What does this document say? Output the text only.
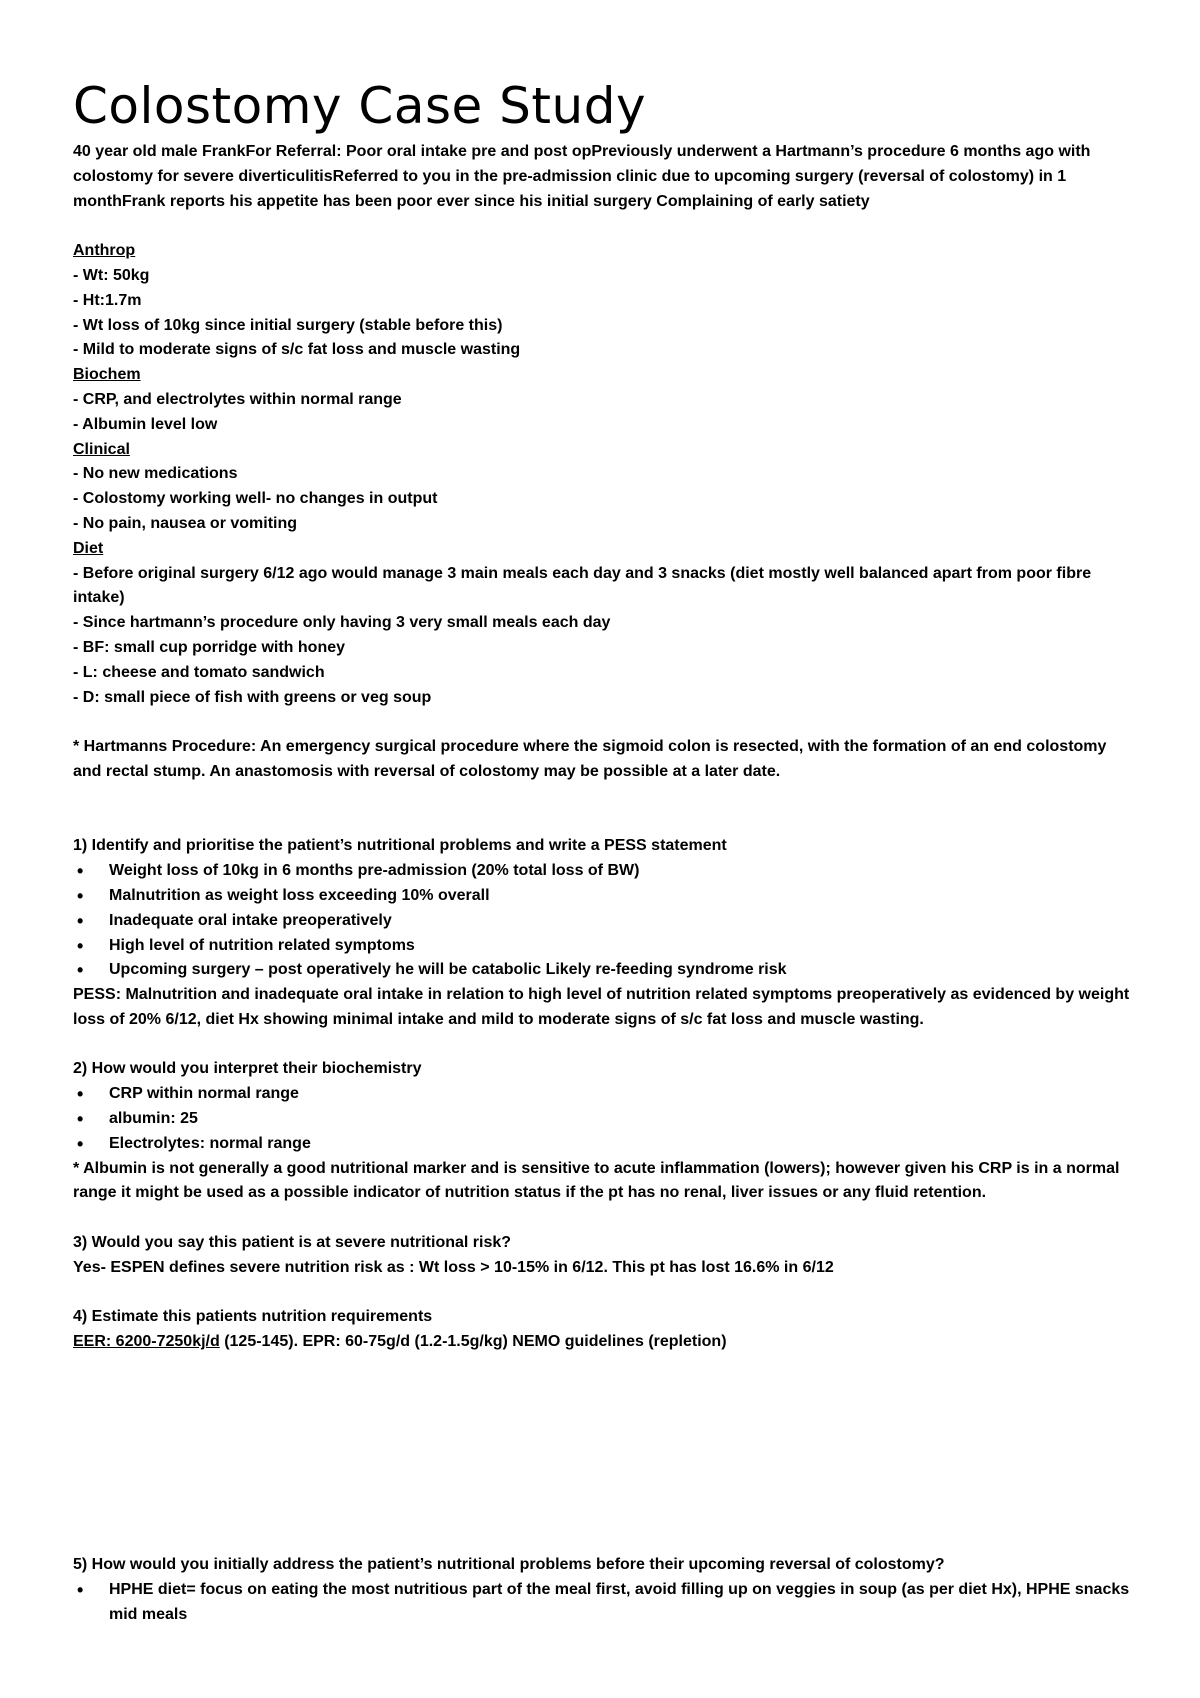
Colostomy Case Study

40 year old male FrankFor Referral: Poor oral intake pre and post opPreviously underwent a Hartmann’s procedure 6 months ago with colostomy for severe diverticulitisReferred to you in the pre-admission clinic due to upcoming surgery (reversal of colostomy) in 1 monthFrank reports his appetite has been poor ever since his initial surgery Complaining of early satiety

Anthrop
- Wt: 50kg
- Ht:1.7m
- Wt loss of 10kg since initial surgery (stable before this)
- Mild to moderate signs of s/c fat loss and muscle wasting
Biochem
- CRP, and electrolytes within normal range
- Albumin level low
Clinical
- No new medications
- Colostomy working well- no changes in output
- No pain, nausea or vomiting
Diet
- Before original surgery 6/12 ago would manage 3 main meals each day and 3 snacks (diet mostly well balanced apart from poor fibre intake)
- Since hartmann’s procedure only having 3 very small meals each day
- BF: small cup porridge with honey
- L: cheese and tomato sandwich
- D: small piece of fish with greens or veg soup

* Hartmanns Procedure: An emergency surgical procedure where the sigmoid colon is resected, with the formation of an end colostomy and rectal stump. An anastomosis with reversal of colostomy may be possible at a later date.

1) Identify and prioritise the patient’s nutritional problems and write a PESS statement
• Weight loss of 10kg in 6 months pre-admission (20% total loss of BW)
• Malnutrition as weight loss exceeding 10% overall
• Inadequate oral intake preoperatively
• High level of nutrition related symptoms
• Upcoming surgery – post operatively he will be catabolic Likely re-feeding syndrome risk

PESS: Malnutrition and inadequate oral intake in relation to high level of nutrition related symptoms preoperatively as evidenced by weight loss of 20% 6/12, diet Hx showing minimal intake and mild to moderate signs of s/c fat loss and muscle wasting.

2) How would you interpret their biochemistry
• CRP within normal range
• albumin: 25
• Electrolytes: normal range

* Albumin is not generally a good nutritional marker and is sensitive to acute inflammation (lowers); however given his CRP is in a normal range it might be used as a possible indicator of nutrition status if the pt has no renal, liver issues or any fluid retention.

3) Would you say this patient is at severe nutritional risk?
Yes- ESPEN defines severe nutrition risk as : Wt loss > 10-15% in 6/12. This pt has lost 16.6% in 6/12
4) Estimate this patients nutrition requirements
EER: 6200-7250kj/d (125-145). EPR: 60-75g/d (1.2-1.5g/kg) NEMO guidelines (repletion)
5) How would you initially address the patient’s nutritional problems before their upcoming reversal of colostomy?
• HPHE diet= focus on eating the most nutritious part of the meal first, avoid filling up on veggies in soup (as per diet Hx), HPHE snacks mid meals
